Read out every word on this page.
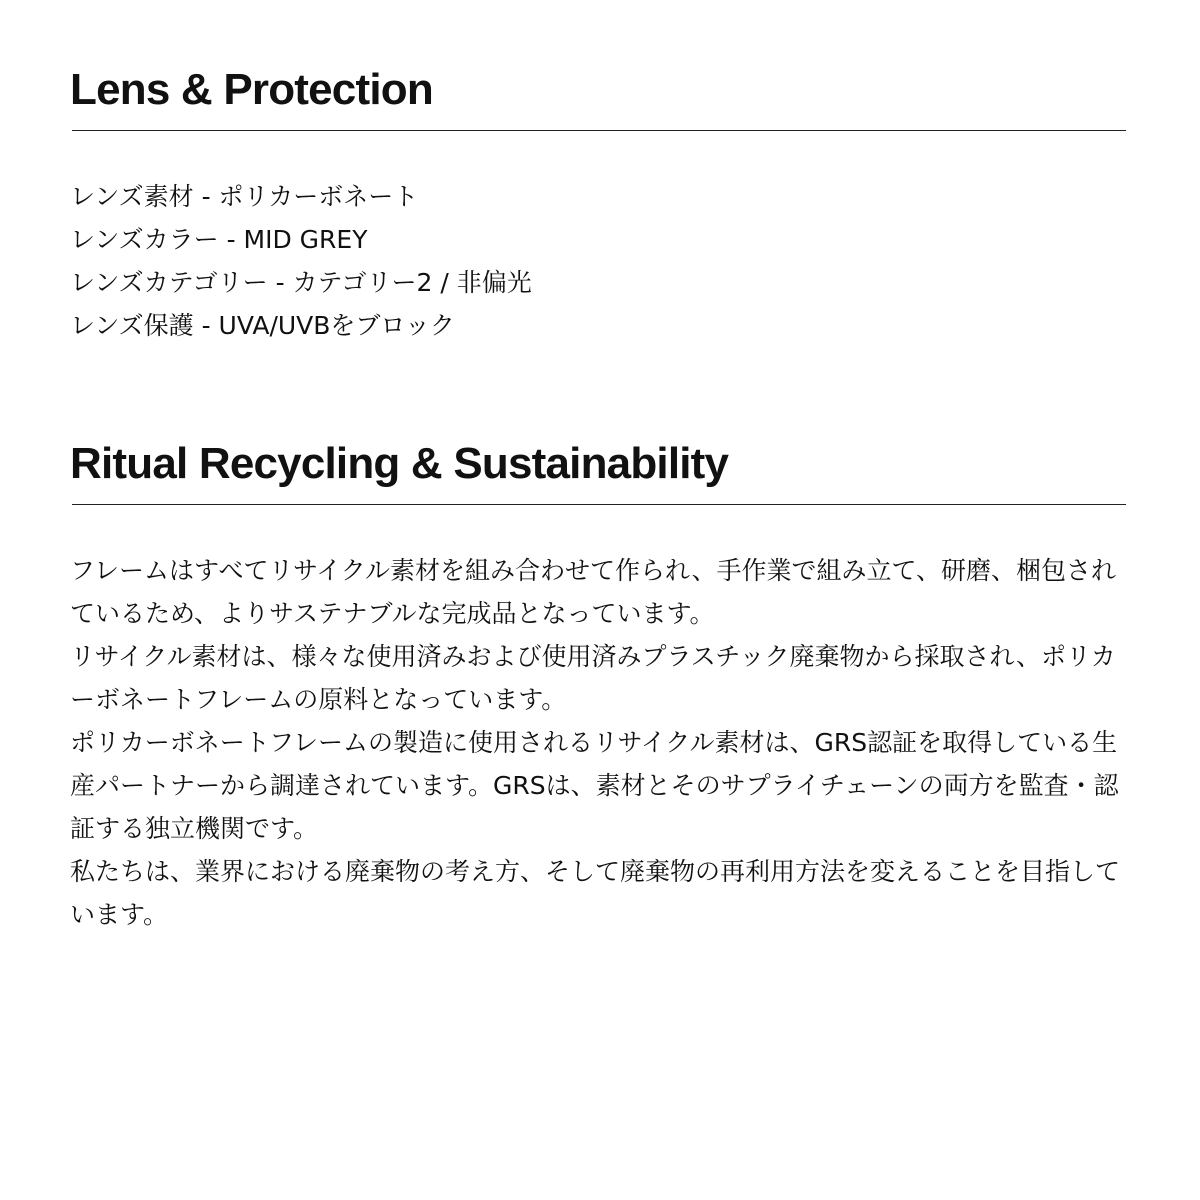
Lens & Protection
レンズ素材 - ポリカーボネート
レンズカラー - MID GREY
レンズカテゴリー - カテゴリー2 / 非偏光
レンズ保護 - UVA/UVBをブロック
Ritual Recycling & Sustainability

フレームはすべてリサイクル素材を組み合わせて作られ、手作業で組み立て、研磨、梱包されているため、よりサステナブルな完成品となっています。

リサイクル素材は、様々な使用済みおよび使用済みプラスチック廃棄物から採取され、ポリカーボネートフレームの原料となっています。

ポリカーボネートフレームの製造に使用されるリサイクル素材は、GRS認証を取得している生産パートナーから調達されています。GRSは、素材とそのサプライチェーンの両方を監査・認証する独立機関です。

私たちは、業界における廃棄物の考え方、そして廃棄物の再利用方法を変えることを目指しています。
